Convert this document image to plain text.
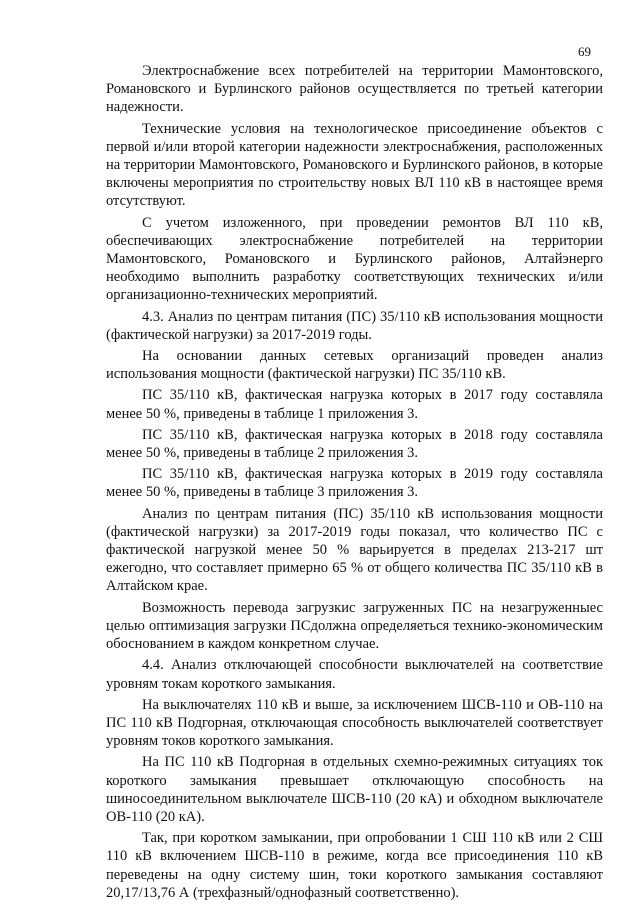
69

Электроснабжение всех потребителей на территории Мамонтовского, Романовского и Бурлинского районов осуществляется по третьей категории надежности.

Технические условия на технологическое присоединение объектов с первой и/или второй категории надежности электроснабжения, расположенных на территории Мамонтовского, Романовского и Бурлинского районов, в которые включены мероприятия по строительству новых ВЛ 110 кВ в настоящее время отсутствуют.

С учетом изложенного, при проведении ремонтов ВЛ 110 кВ, обеспечивающих электроснабжение потребителей на территории Мамонтовского, Романовского и Бурлинского районов, Алтайэнерго необходимо выполнить разработку соответствующих технических и/или организационно-технических мероприятий.

4.3. Анализ по центрам питания (ПС) 35/110 кВ использования мощности (фактической нагрузки) за 2017-2019 годы.

На основании данных сетевых организаций проведен анализ использования мощности (фактической нагрузки) ПС 35/110 кВ.

ПС 35/110 кВ, фактическая нагрузка которых в 2017 году составляла менее 50 %, приведены в таблице 1 приложения 3.

ПС 35/110 кВ, фактическая нагрузка которых в 2018 году составляла менее 50 %, приведены в таблице 2 приложения 3.

ПС 35/110 кВ, фактическая нагрузка которых в 2019 году составляла менее 50 %, приведены в таблице 3 приложения 3.

Анализ по центрам питания (ПС) 35/110 кВ использования мощности (фактической нагрузки) за 2017-2019 годы показал, что количество ПС с фактической нагрузкой менее 50 % варьируется в пределах 213-217 шт ежегодно, что составляет примерно 65 % от общего количества ПС 35/110 кВ в Алтайском крае.

Возможность перевода загрузкис загруженных ПС на незагруженныес целью оптимизация загрузки ПСдолжна определяеться технико-экономическим обоснованием в каждом конкретном случае.

4.4. Анализ отключающей способности выключателей на соответствие уровням токам короткого замыкания.

На выключателях 110 кВ и выше, за исключением ШСВ-110 и ОВ-110 на ПС 110 кВ Подгорная, отключающая способность выключателей соответствует уровням токов короткого замыкания.

На ПС 110 кВ Подгорная в отдельных схемно-режимных ситуациях ток короткого замыкания превышает отключающую способность на шиносоединительном выключателе ШСВ-110 (20 кА) и обходном выключателе ОВ-110 (20 кА).

Так, при коротком замыкании, при опробовании 1 СШ 110 кВ или 2 СШ 110 кВ включением ШСВ-110 в режиме, когда все присоединения 110 кВ переведены на одну систему шин, токи короткого замыкания составляют 20,17/13,76 А (трехфазный/однофазный соответственно).
